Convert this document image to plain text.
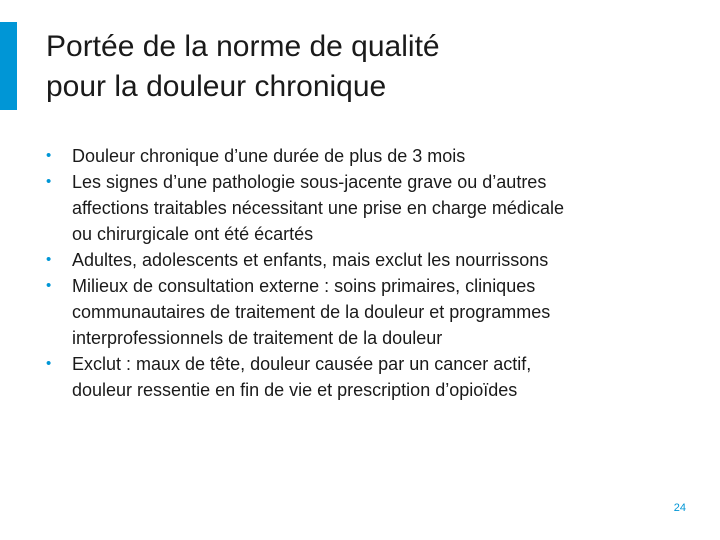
Portée de la norme de qualité
pour la douleur chronique
•	Douleur chronique d’une durée de plus de 3 mois
•	Les signes d’une pathologie sous-jacente grave ou d’autres
affections traitables nécessitant une prise en charge médicale
ou chirurgicale ont été écartés
•	Adultes, adolescents et enfants, mais exclut les nourrissons
•	Milieux de consultation externe : soins primaires, cliniques
communautaires de traitement de la douleur et programmes
interprofessionnels de traitement de la douleur
•	Exclut : maux de tête, douleur causée par un cancer actif,
douleur ressentie en fin de vie et prescription d’opioïdes
24
